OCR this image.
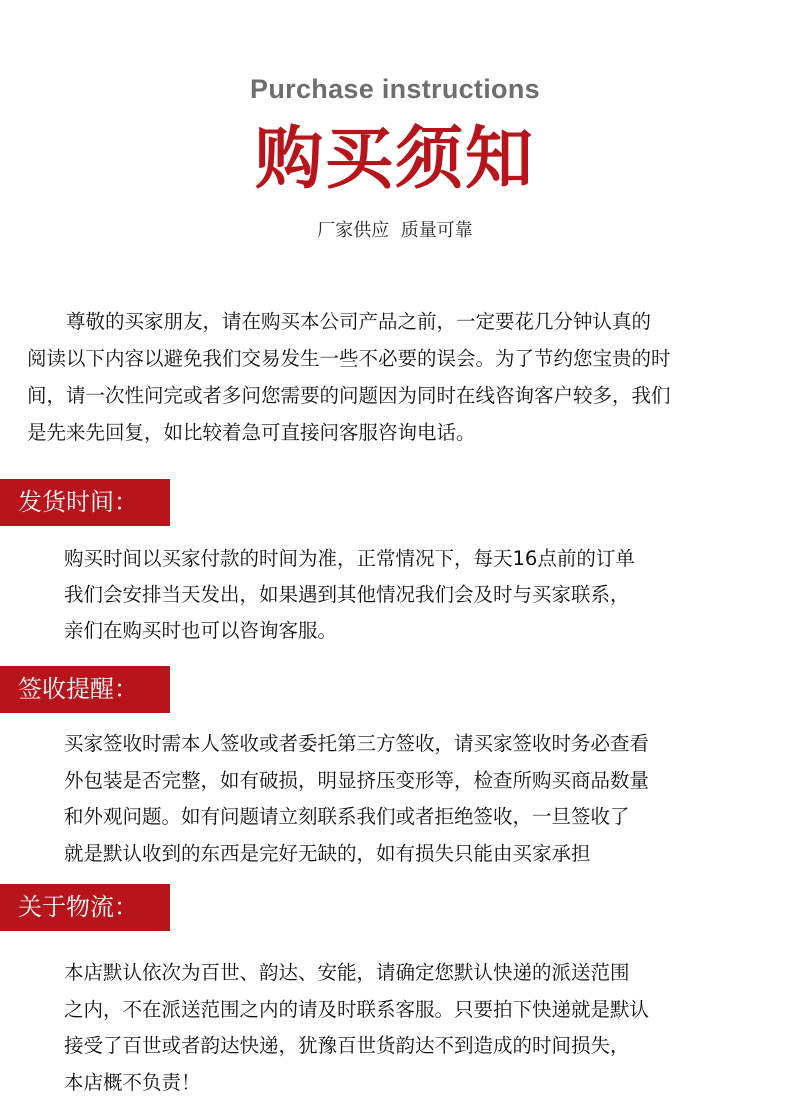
Purchase instructions
购买须知
厂家供应  质量可靠
　　尊敬的买家朋友，请在购买本公司产品之前，一定要花几分钟认真的
阅读以下内容以避免我们交易发生一些不必要的误会。为了节约您宝贵的时
间，请一次性问完或者多问您需要的问题因为同时在线咨询客户较多，我们
是先来先回复，如比较着急可直接问客服咨询电话。
发货时间：
购买时间以买家付款的时间为准，正常情况下，每天16点前的订单
我们会安排当天发出，如果遇到其他情况我们会及时与买家联系，
亲们在购买时也可以咨询客服。
签收提醒：
买家签收时需本人签收或者委托第三方签收，请买家签收时务必查看
外包装是否完整，如有破损，明显挤压变形等，检查所购买商品数量
和外观问题。如有问题请立刻联系我们或者拒绝签收，一旦签收了
就是默认收到的东西是完好无缺的，如有损失只能由买家承担
关于物流：
本店默认依次为百世、韵达、安能，请确定您默认快递的派送范围
之内，不在派送范围之内的请及时联系客服。只要拍下快递就是默认
接受了百世或者韵达快递，犹豫百世货韵达不到造成的时间损失，
本店概不负责！
